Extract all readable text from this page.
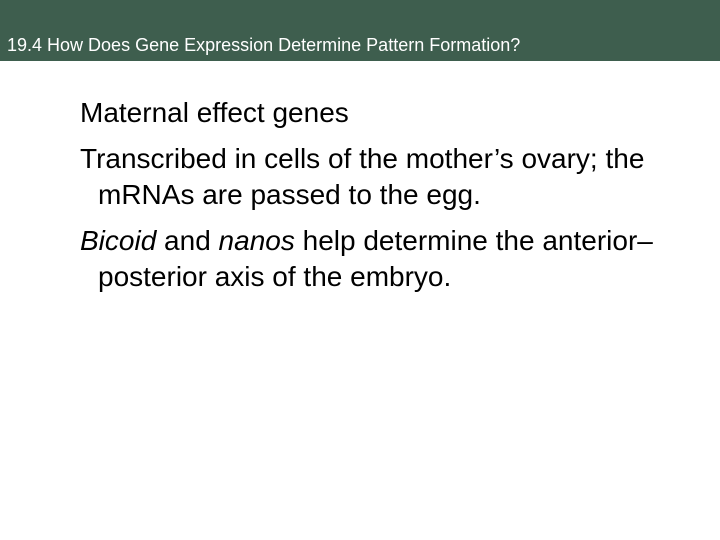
19.4 How Does Gene Expression Determine Pattern Formation?

Maternal effect genes

Transcribed in cells of the mother’s ovary; the mRNAs are passed to the egg.

Bicoid and nanos help determine the anterior–posterior axis of the embryo.
